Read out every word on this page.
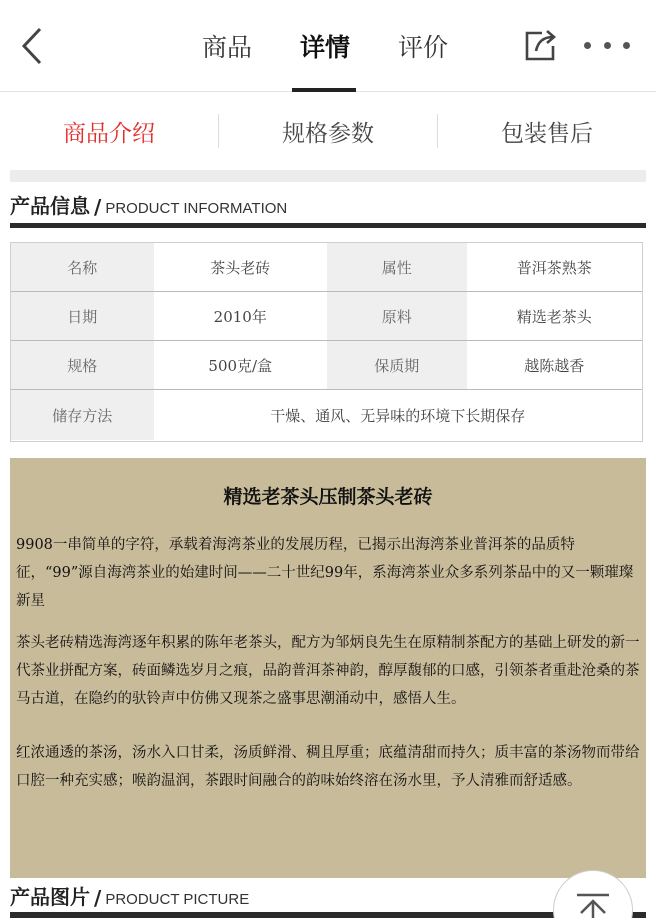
商品	详情	评价
商品介绍	规格参数	包装售后
产品信息 / PRODUCT INFORMATION
名称	茶头老砖	属性	普洱茶熟茶
日期	2010年	原料	精选老茶头
规格	500克/盒	保质期	越陈越香
储存方法	干燥、通风、无异味的环境下长期保存
精选老茶头压制茶头老砖

9908一串简单的字符，承载着海湾茶业的发展历程，已揭示出海湾茶业普洱茶的品质特征，“99”源自海湾茶业的始建时间——二十世纪99年，系海湾茶业众多系列茶品中的又一颗璀璨新星

茶头老砖精选海湾逐年积累的陈年老茶头，配方为邹炳良先生在原精制茶配方的基础上研发的新一代茶业拼配方案，砖面鳞选岁月之痕，品韵普洱茶神韵，醇厚馥郁的口感，引领茶者重赴沧桑的茶马古道，在隐约的驮铃声中仿佛又现茶之盛事思潮涌动中，感悟人生。

红浓通透的茶汤，汤水入口甘柔，汤质鲜滑、稠且厚重；底蕴清甜而持久；质丰富的茶汤物而带给口腔一种充实感；喉韵温润，茶跟时间融合的韵味始终溶在汤水里，予人清雅而舒适感。

产品图片 / PRODUCT PICTURE
